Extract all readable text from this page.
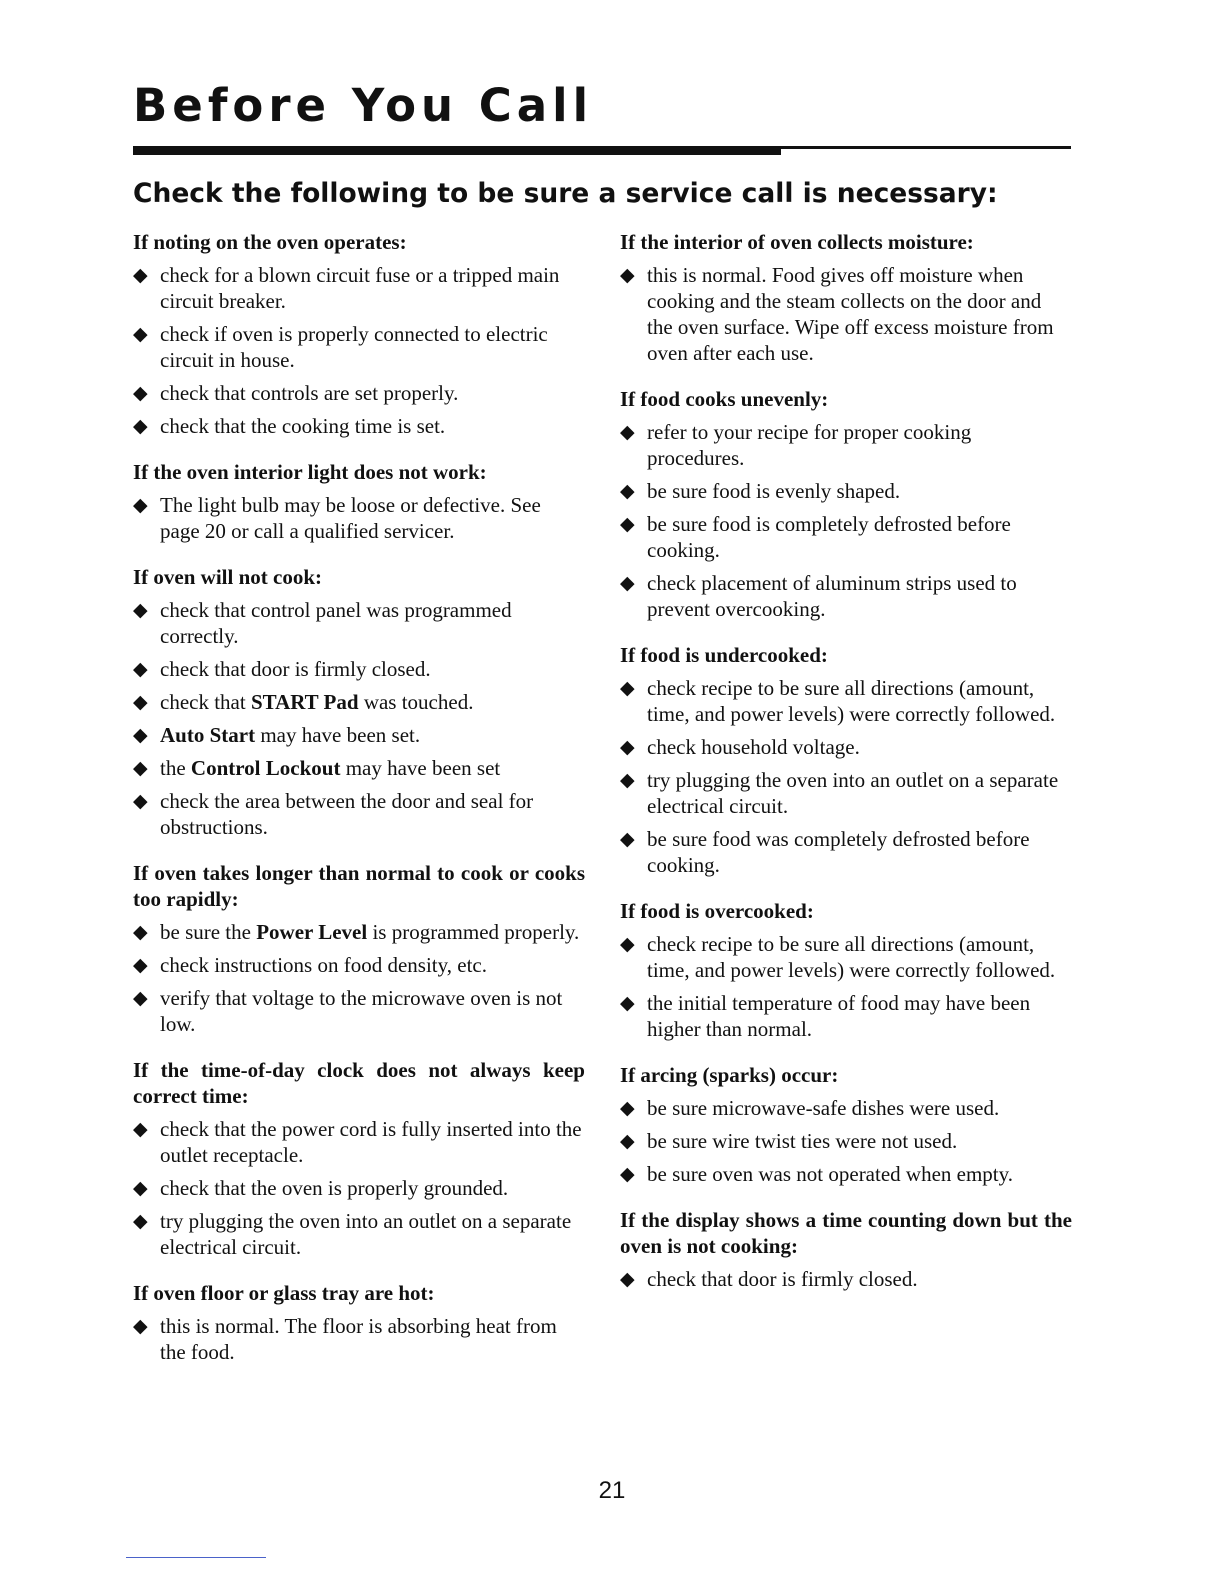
Before You Call
Check the following to be sure a service call is necessary:
If noting on the oven operates:
◆ check for a blown circuit fuse or a tripped main circuit breaker.
◆ check if oven is properly connected to electric circuit in house.
◆ check that controls are set properly.
◆ check that the cooking time is set.
If the oven interior light does not work:
◆ The light bulb may be loose or defective. See page 20 or call a qualified servicer.
If oven will not cook:
◆ check that control panel was programmed correctly.
◆ check that door is firmly closed.
◆ check that START Pad was touched.
◆ Auto Start may have been set.
◆ the Control Lockout may have been set
◆ check the area between the door and seal for obstructions.
If oven takes longer than normal to cook or cooks too rapidly:
◆ be sure the Power Level is programmed properly.
◆ check instructions on food density, etc.
◆ verify that voltage to the microwave oven is not low.
If the time-of-day clock does not always keep correct time:
◆ check that the power cord is fully inserted into the outlet receptacle.
◆ check that the oven is properly grounded.
◆ try plugging the oven into an outlet on a separate electrical circuit.
If oven floor or glass tray are hot:
◆ this is normal. The floor is absorbing heat from the food.
If the interior of oven collects moisture:
◆ this is normal. Food gives off moisture when cooking and the steam collects on the door and the oven surface. Wipe off excess moisture from oven after each use.
If food cooks unevenly:
◆ refer to your recipe for proper cooking procedures.
◆ be sure food is evenly shaped.
◆ be sure food is completely defrosted before cooking.
◆ check placement of aluminum strips used to prevent overcooking.
If food is undercooked:
◆ check recipe to be sure all directions (amount, time, and power levels) were correctly followed.
◆ check household voltage.
◆ try plugging the oven into an outlet on a separate electrical circuit.
◆ be sure food was completely defrosted before cooking.
If food is overcooked:
◆ check recipe to be sure all directions (amount, time, and power levels) were correctly followed.
◆ the initial temperature of food may have been higher than normal.
If arcing (sparks) occur:
◆ be sure microwave-safe dishes were used.
◆ be sure wire twist ties were not used.
◆ be sure oven was not operated when empty.
If the display shows a time counting down but the oven is not cooking:
◆ check that door is firmly closed.
21
